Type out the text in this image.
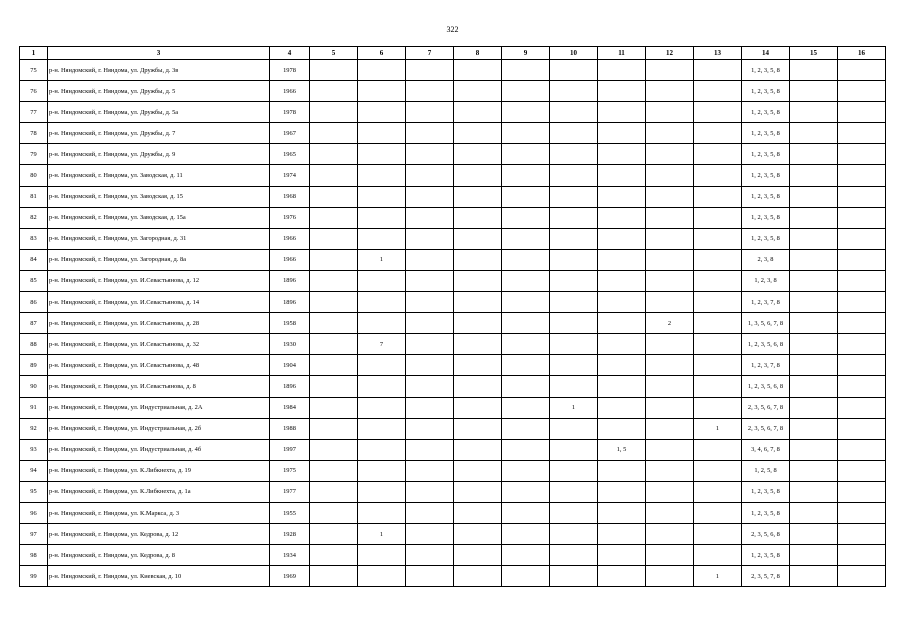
322
1	3	4	5	6	7	8	9	10	11	12	13	14	15	16
75	р-н. Няндомский, г. Няндома, ул. Дружбы, д. 3в	1978										1, 2, 3, 5, 8		
76	р-н. Няндомский, г. Няндома, ул. Дружбы, д. 5	1966										1, 2, 3, 5, 8		
77	р-н. Няндомский, г. Няндома, ул. Дружбы, д. 5а	1978										1, 2, 3, 5, 8		
78	р-н. Няндомский, г. Няндома, ул. Дружбы, д. 7	1967										1, 2, 3, 5, 8		
79	р-н. Няндомский, г. Няндома, ул. Дружбы, д. 9	1965										1, 2, 3, 5, 8		
80	р-н. Няндомский, г. Няндома, ул. Заводская, д. 11	1974										1, 2, 3, 5, 8		
81	р-н. Няндомский, г. Няндома, ул. Заводская, д. 15	1968										1, 2, 3, 5, 8		
82	р-н. Няндомский, г. Няндома, ул. Заводская, д. 15а	1976										1, 2, 3, 5, 8		
83	р-н. Няндомский, г. Няндома, ул. Загородная, д. 31	1966										1, 2, 3, 5, 8		
84	р-н. Няндомский, г. Няндома, ул. Загородная, д. 8а	1966		1								2, 3, 8		
85	р-н. Няндомский, г. Няндома, ул. И.Севастьянова, д. 12	1896										1, 2, 3, 8		
86	р-н. Няндомский, г. Няндома, ул. И.Севастьянова, д. 14	1896										1, 2, 3, 7, 8		
87	р-н. Няндомский, г. Няндома, ул. И.Севастьянова, д. 28	1958								2		1, 3, 5, 6, 7, 8		
88	р-н. Няндомский, г. Няндома, ул. И.Севастьянова, д. 32	1930		7								1, 2, 3, 5, 6, 8		
89	р-н. Няндомский, г. Няндома, ул. И.Севастьянова, д. 48	1904										1, 2, 3, 7, 8		
90	р-н. Няндомский, г. Няндома, ул. И.Севастьянова, д. 8	1896										1, 2, 3, 5, 6, 8		
91	р-н. Няндомский, г. Няндома, ул. Индустриальная, д. 2А	1984						1				2, 3, 5, 6, 7, 8		
92	р-н. Няндомский, г. Няндома, ул. Индустриальная, д. 2б	1988									1	2, 3, 5, 6, 7, 8		
93	р-н. Няндомский, г. Няндома, ул. Индустриальная, д. 4б	1997							1, 5			3, 4, 6, 7, 8		
94	р-н. Няндомский, г. Няндома, ул. К.Либкнехта, д. 19	1975										1, 2, 5, 8		
95	р-н. Няндомский, г. Няндома, ул. К.Либкнехта, д. 1а	1977										1, 2, 3, 5, 8		
96	р-н. Няндомский, г. Няндома, ул. К.Маркса, д. 3	1955										1, 2, 3, 5, 8		
97	р-н. Няндомский, г. Няндома, ул. Кедрова, д. 12	1928		1								2, 3, 5, 6, 8		
98	р-н. Няндомский, г. Няндома, ул. Кедрова, д. 8	1934										1, 2, 3, 5, 8		
99	р-н. Няндомский, г. Няндома, ул. Киевская, д. 10	1969									1	2, 3, 5, 7, 8		
